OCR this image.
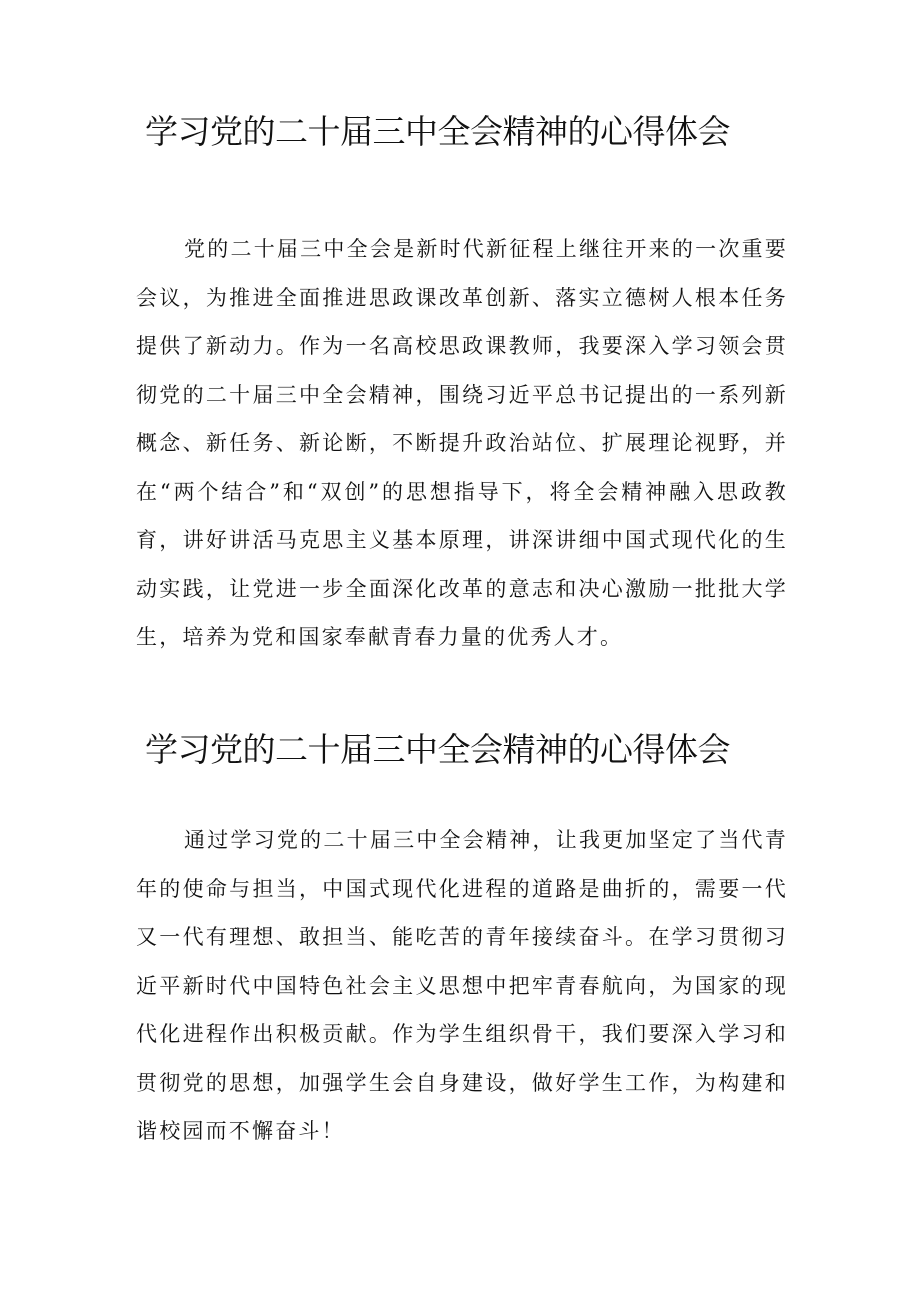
学习党的二十届三中全会精神的心得体会

党的二十届三中全会是新时代新征程上继往开来的一次重要会议，为推进全面推进思政课改革创新、落实立德树人根本任务提供了新动力。作为一名高校思政课教师，我要深入学习领会贯彻党的二十届三中全会精神，围绕习近平总书记提出的一系列新概念、新任务、新论断，不断提升政治站位、扩展理论视野，并在“两个结合”和“双创”的思想指导下，将全会精神融入思政教育，讲好讲活马克思主义基本原理，讲深讲细中国式现代化的生动实践，让党进一步全面深化改革的意志和决心激励一批批大学生，培养为党和国家奉献青春力量的优秀人才。

学习党的二十届三中全会精神的心得体会

通过学习党的二十届三中全会精神，让我更加坚定了当代青年的使命与担当，中国式现代化进程的道路是曲折的，需要一代又一代有理想、敢担当、能吃苦的青年接续奋斗。在学习贯彻习近平新时代中国特色社会主义思想中把牢青春航向，为国家的现代化进程作出积极贡献。作为学生组织骨干，我们要深入学习和贯彻党的思想，加强学生会自身建设，做好学生工作，为构建和谐校园而不懈奋斗！
